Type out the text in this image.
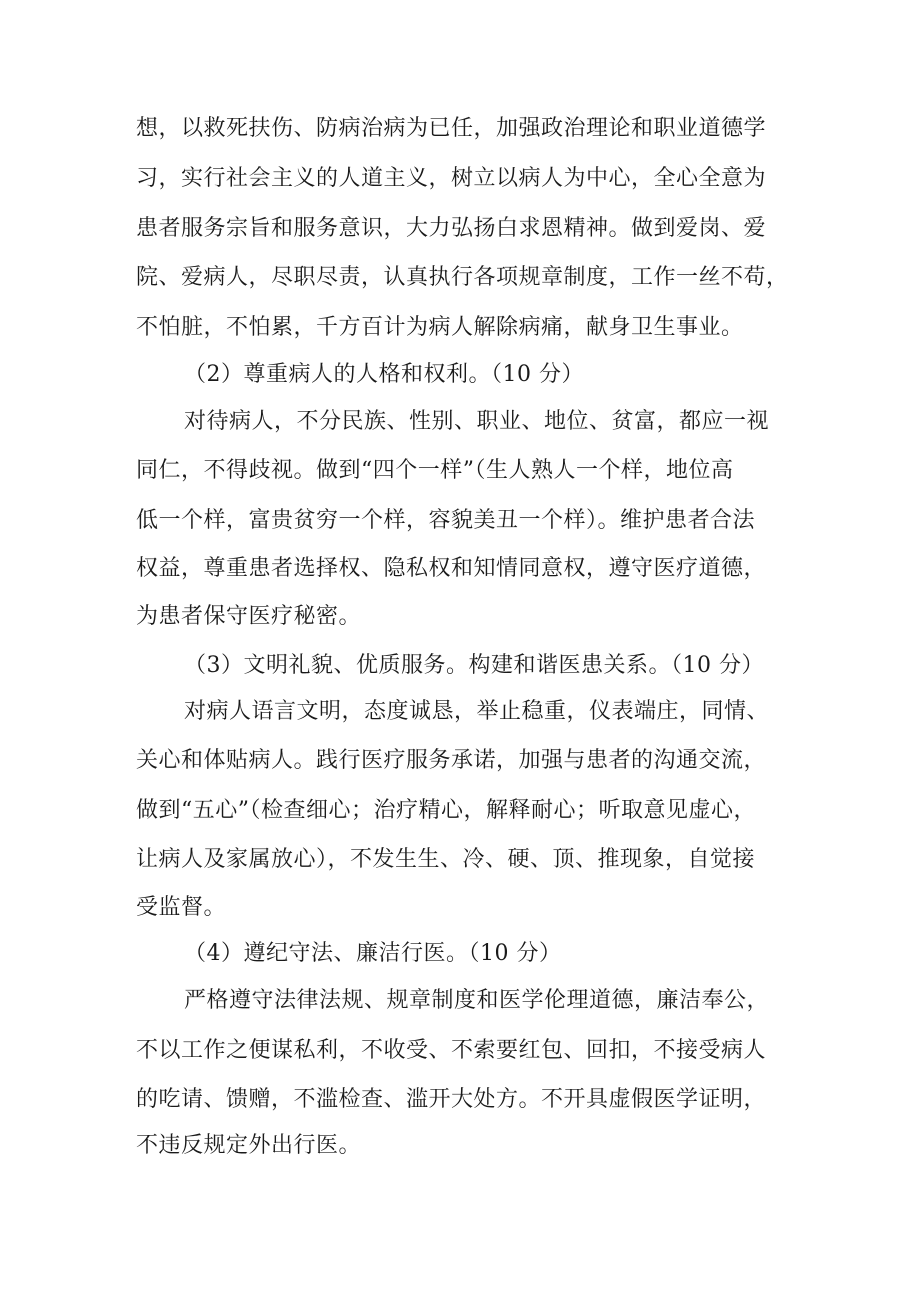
想，以救死扶伤、防病治病为已任，加强政治理论和职业道德学
习，实行社会主义的人道主义，树立以病人为中心，全心全意为
患者服务宗旨和服务意识，大力弘扬白求恩精神。做到爱岗、爱
院、爱病人，尽职尽责，认真执行各项规章制度，工作一丝不苟，
不怕脏，不怕累，千方百计为病人解除病痛，献身卫生事业。
（2）尊重病人的人格和权利。（10 分）
对待病人，不分民族、性别、职业、地位、贫富，都应一视
同仁，不得歧视。做到“四个一样”（生人熟人一个样，地位高
低一个样，富贵贫穷一个样，容貌美丑一个样）。维护患者合法
权益，尊重患者选择权、隐私权和知情同意权，遵守医疗道德，
为患者保守医疗秘密。
（3）文明礼貌、优质服务。构建和谐医患关系。（10 分）
对病人语言文明，态度诚恳，举止稳重，仪表端庄，同情、
关心和体贴病人。践行医疗服务承诺，加强与患者的沟通交流，
做到“五心”（检查细心；治疗精心，解释耐心；听取意见虚心，
让病人及家属放心），不发生生、冷、硬、顶、推现象，自觉接
受监督。
（4）遵纪守法、廉洁行医。（10 分）
严格遵守法律法规、规章制度和医学伦理道德，廉洁奉公，
不以工作之便谋私利，不收受、不索要红包、回扣，不接受病人
的吃请、馈赠，不滥检查、滥开大处方。不开具虚假医学证明，
不违反规定外出行医。
